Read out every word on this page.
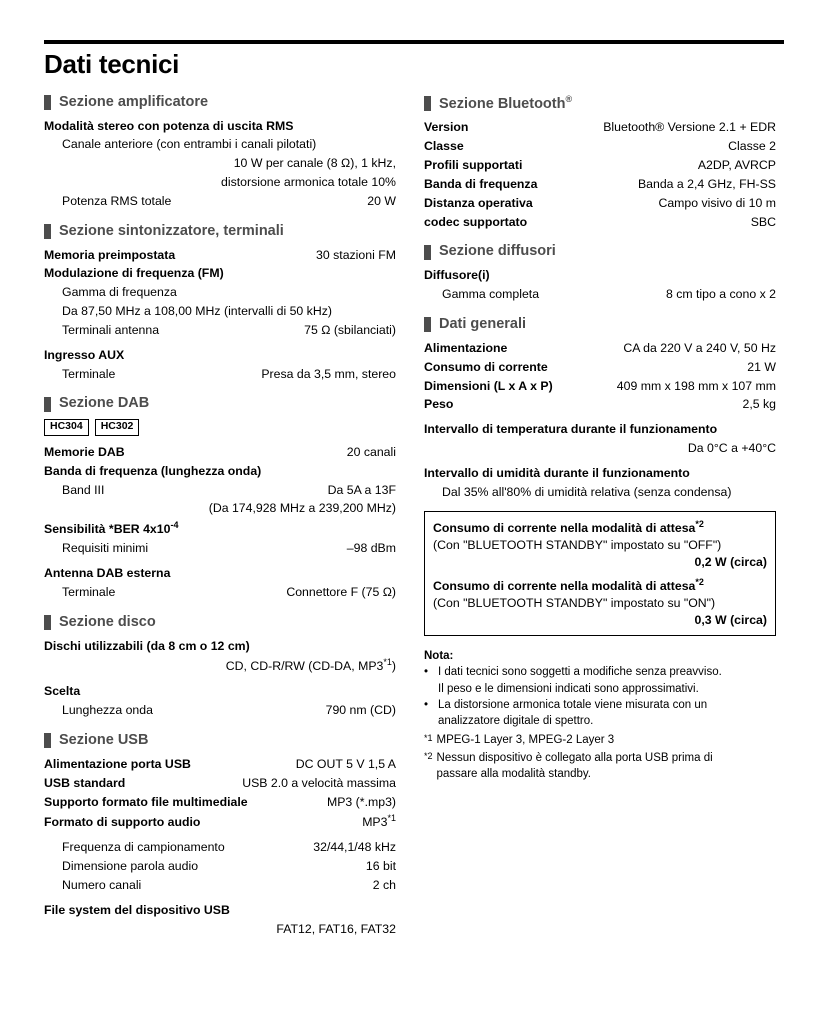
Dati tecnici
Sezione amplificatore
Modalità stereo con potenza di uscita RMS
Canale anteriore (con entrambi i canali pilotati)
10 W per canale (8 Ω), 1 kHz,
distorsione armonica totale 10%
Potenza RMS totale	20 W
Sezione sintonizzatore, terminali
Memoria preimpostata	30 stazioni FM
Modulazione di frequenza (FM)
Gamma di frequenza
Da 87,50 MHz a 108,00 MHz (intervalli di 50 kHz)
Terminali antenna	75 Ω (sbilanciati)
Ingresso AUX
Terminale	Presa da 3,5 mm, stereo
Sezione DAB
HC304	HC302
Memorie DAB	20 canali
Banda di frequenza (lunghezza onda)
Band III	Da 5A a 13F
(Da 174,928 MHz a 239,200 MHz)
Sensibilità *BER $4x10^{-4}$
Requisiti minimi	–98 dBm
Antenna DAB esterna
Terminale	Connettore F (75 Ω)
Sezione disco
Dischi utilizzabili (da 8 cm o 12 cm)
CD, CD-R/RW (CD-DA, MP3$^{*1}$)
Scelta
Lunghezza onda	790 nm (CD)
Sezione USB
Alimentazione porta USB	DC OUT 5 V 1,5 A
USB standard	USB 2.0 a velocità massima
Supporto formato file multimediale	MP3 (*.mp3)
Formato di supporto audio	MP3$^{*1}$
Frequenza di campionamento	32/44,1/48 kHz
Dimensione parola audio	16 bit
Numero canali	2 ch
File system del dispositivo USB
FAT12, FAT16, FAT32
Sezione Bluetooth®
Version	Bluetooth® Versione 2.1 + EDR
Classe	Classe 2
Profili supportati	A2DP, AVRCP
Banda di frequenza	Banda a 2,4 GHz, FH-SS
Distanza operativa	Campo visivo di 10 m
codec supportato	SBC
Sezione diffusori
Diffusore(i)
Gamma completa	8 cm tipo a cono x 2
Dati generali
Alimentazione	CA da 220 V a 240 V, 50 Hz
Consumo di corrente	21 W
Dimensioni (L x A x P)	409 mm x 198 mm x 107 mm
Peso	2,5 kg
Intervallo di temperatura durante il funzionamento
Da 0°C a +40°C
Intervallo di umidità durante il funzionamento
Dal 35% all'80% di umidità relativa (senza condensa)
Consumo di corrente nella modalità di attesa$^{*2}$
(Con "BLUETOOTH STANDBY" impostato su "OFF")
0,2 W (circa)
Consumo di corrente nella modalità di attesa$^{*2}$
(Con "BLUETOOTH STANDBY" impostato su "ON")
0,3 W (circa)
Nota:
• I dati tecnici sono soggetti a modifiche senza preavviso.
Il peso e le dimensioni indicati sono approssimativi.
• La distorsione armonica totale viene misurata con un
analizzatore digitale di spettro.
*1 MPEG-1 Layer 3, MPEG-2 Layer 3
*2 Nessun dispositivo è collegato alla porta USB prima di
passare alla modalità standby.
